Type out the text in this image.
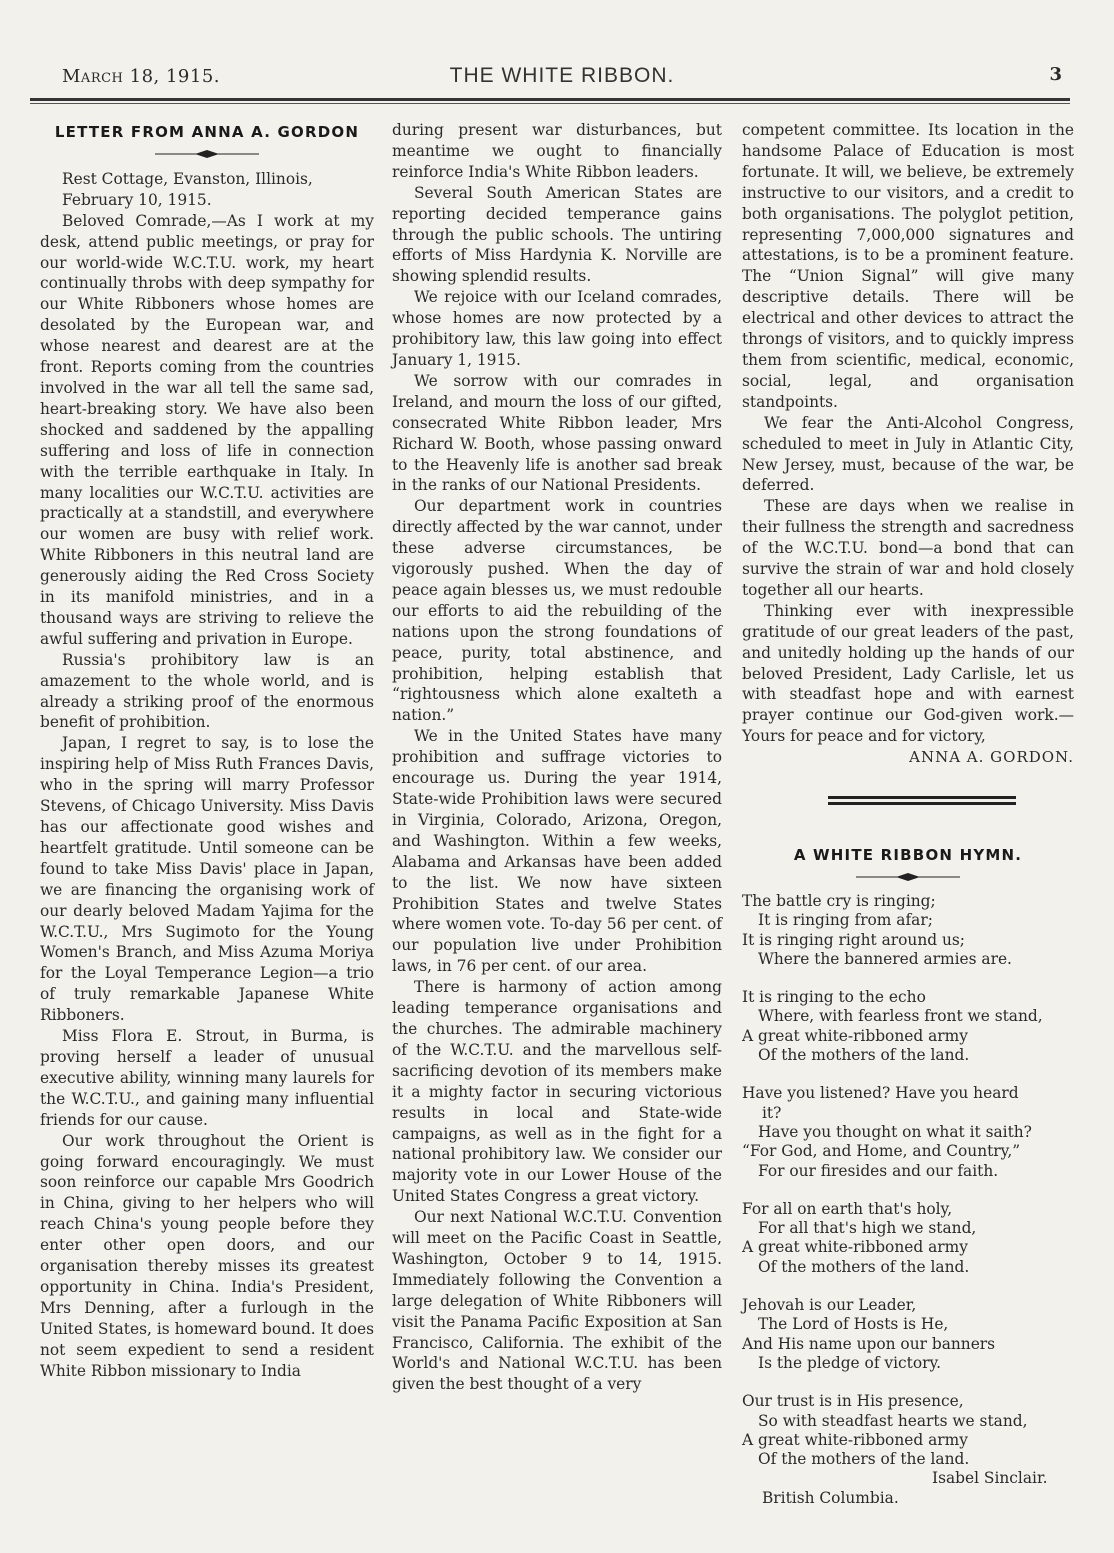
March 18, 1915.	THE WHITE RIBBON.	3
LETTER FROM ANNA A. GORDON

Rest Cottage, Evanston, Illinois,

February 10, 1915.

Beloved Comrade,—As I work at my desk, attend public meetings, or pray for our world-wide W.C.T.U. work, my heart continually throbs with deep sympathy for our White Ribboners whose homes are desolated by the European war, and whose nearest and dearest are at the front. Reports coming from the countries involved in the war all tell the same sad, heart-breaking story. We have also been shocked and saddened by the appalling suffering and loss of life in connection with the terrible earthquake in Italy. In many localities our W.C.T.U. activities are practically at a standstill, and everywhere our women are busy with relief work. White Ribboners in this neutral land are generously aiding the Red Cross Society in its manifold ministries, and in a thousand ways are striving to relieve the awful suffering and privation in Europe.

Russia's prohibitory law is an amazement to the whole world, and is already a striking proof of the enormous benefit of prohibition.

Japan, I regret to say, is to lose the inspiring help of Miss Ruth Frances Davis, who in the spring will marry Professor Stevens, of Chicago University. Miss Davis has our affectionate good wishes and heartfelt gratitude. Until someone can be found to take Miss Davis' place in Japan, we are financing the organising work of our dearly beloved Madam Yajima for the W.C.T.U., Mrs Sugimoto for the Young Women's Branch, and Miss Azuma Moriya for the Loyal Temperance Legion—a trio of truly remarkable Japanese White Ribboners.

Miss Flora E. Strout, in Burma, is proving herself a leader of unusual executive ability, winning many laurels for the W.C.T.U., and gaining many influential friends for our cause.

Our work throughout the Orient is going forward encouragingly. We must soon reinforce our capable Mrs Goodrich in China, giving to her helpers who will reach China's young people before they enter other open doors, and our organisation thereby misses its greatest opportunity in China. India's President, Mrs Denning, after a furlough in the United States, is homeward bound. It does not seem expedient to send a resident White Ribbon missionary to India

during present war disturbances, but meantime we ought to financially reinforce India's White Ribbon leaders.

Several South American States are reporting decided temperance gains through the public schools. The untiring efforts of Miss Hardynia K. Norville are showing splendid results.

We rejoice with our Iceland comrades, whose homes are now protected by a prohibitory law, this law going into effect January 1, 1915.

We sorrow with our comrades in Ireland, and mourn the loss of our gifted, consecrated White Ribbon leader, Mrs Richard W. Booth, whose passing onward to the Heavenly life is another sad break in the ranks of our National Presidents.

Our department work in countries directly affected by the war cannot, under these adverse circumstances, be vigorously pushed. When the day of peace again blesses us, we must redouble our efforts to aid the rebuilding of the nations upon the strong foundations of peace, purity, total abstinence, and prohibition, helping establish that “rightousness which alone exalteth a nation.”

We in the United States have many prohibition and suffrage victories to encourage us. During the year 1914, State-wide Prohibition laws were secured in Virginia, Colorado, Arizona, Oregon, and Washington. Within a few weeks, Alabama and Arkansas have been added to the list. We now have sixteen Prohibition States and twelve States where women vote. To-day 56 per cent. of our population live under Prohibition laws, in 76 per cent. of our area.

There is harmony of action among leading temperance organisations and the churches. The admirable machinery of the W.C.T.U. and the marvellous self-sacrificing devotion of its members make it a mighty factor in securing victorious results in local and State-wide campaigns, as well as in the fight for a national prohibitory law. We consider our majority vote in our Lower House of the United States Congress a great victory.

Our next National W.C.T.U. Convention will meet on the Pacific Coast in Seattle, Washington, October 9 to 14, 1915. Immediately following the Convention a large delegation of White Ribboners will visit the Panama Pacific Exposition at San Francisco, California. The exhibit of the World's and National W.C.T.U. has been given the best thought of a very

competent committee. Its location in the handsome Palace of Education is most fortunate. It will, we believe, be extremely instructive to our visitors, and a credit to both organisations. The polyglot petition, representing 7,000,000 signatures and attestations, is to be a prominent feature. The “Union Signal” will give many descriptive details. There will be electrical and other devices to attract the throngs of visitors, and to quickly impress them from scientific, medical, economic, social, legal, and organisation standpoints.

We fear the Anti-Alcohol Congress, scheduled to meet in July in Atlantic City, New Jersey, must, because of the war, be deferred.

These are days when we realise in their fullness the strength and sacredness of the W.C.T.U. bond—a bond that can survive the strain of war and hold closely together all our hearts.

Thinking ever with inexpressible gratitude of our great leaders of the past, and unitedly holding up the hands of our beloved President, Lady Carlisle, let us with steadfast hope and with earnest prayer continue our God-given work.—Yours for peace and for victory,

ANNA A. GORDON.

A WHITE RIBBON HYMN.
The battle cry is ringing;
It is ringing from afar;
It is ringing right around us;
Where the bannered armies are.
It is ringing to the echo
Where, with fearless front we stand,
A great white-ribboned army
Of the mothers of the land.
Have you listened? Have you heard
it?
Have you thought on what it saith?
“For God, and Home, and Country,”
For our firesides and our faith.
For all on earth that's holy,
For all that's high we stand,
A great white-ribboned army
Of the mothers of the land.
Jehovah is our Leader,
The Lord of Hosts is He,
And His name upon our banners
Is the pledge of victory.
Our trust is in His presence,
So with steadfast hearts we stand,
A great white-ribboned army
Of the mothers of the land.
Isabel Sinclair.
British Columbia.
